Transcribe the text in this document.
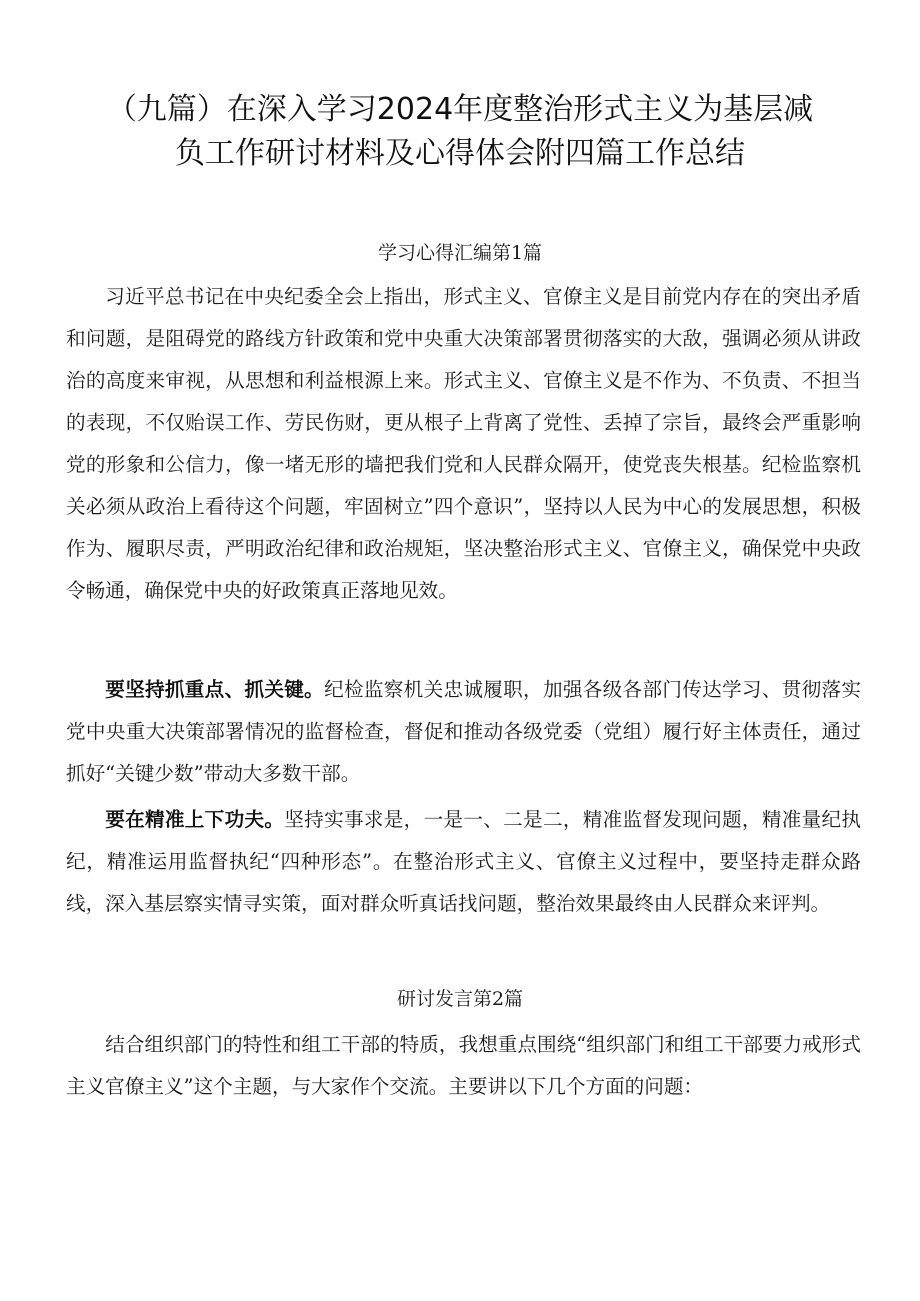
（九篇）在深入学习2024年度整治形式主义为基层减
负工作研讨材料及心得体会附四篇工作总结
学习心得汇编第1篇

习近平总书记在中央纪委全会上指出，形式主义、官僚主义是目前党内存在的突出矛盾和问题，是阻碍党的路线方针政策和党中央重大决策部署贯彻落实的大敌，强调必须从讲政治的高度来审视，从思想和利益根源上来。形式主义、官僚主义是不作为、不负责、不担当的表现，不仅贻误工作、劳民伤财，更从根子上背离了党性、丢掉了宗旨，最终会严重影响党的形象和公信力，像一堵无形的墙把我们党和人民群众隔开，使党丧失根基。纪检监察机关必须从政治上看待这个问题，牢固树立”四个意识”，坚持以人民为中心的发展思想，积极作为、履职尽责，严明政治纪律和政治规矩，坚决整治形式主义、官僚主义，确保党中央政令畅通，确保党中央的好政策真正落地见效。

要坚持抓重点、抓关键。纪检监察机关忠诚履职，加强各级各部门传达学习、贯彻落实党中央重大决策部署情况的监督检查，督促和推动各级党委（党组）履行好主体责任，通过抓好“关键少数”带动大多数干部。

要在精准上下功夫。坚持实事求是，一是一、二是二，精准监督发现问题，精准量纪执纪，精准运用监督执纪“四种形态”。在整治形式主义、官僚主义过程中，要坚持走群众路线，深入基层察实情寻实策，面对群众听真话找问题，整治效果最终由人民群众来评判。

研讨发言第2篇

结合组织部门的特性和组工干部的特质，我想重点围绕“组织部门和组工干部要力戒形式主义官僚主义”这个主题，与大家作个交流。主要讲以下几个方面的问题：
